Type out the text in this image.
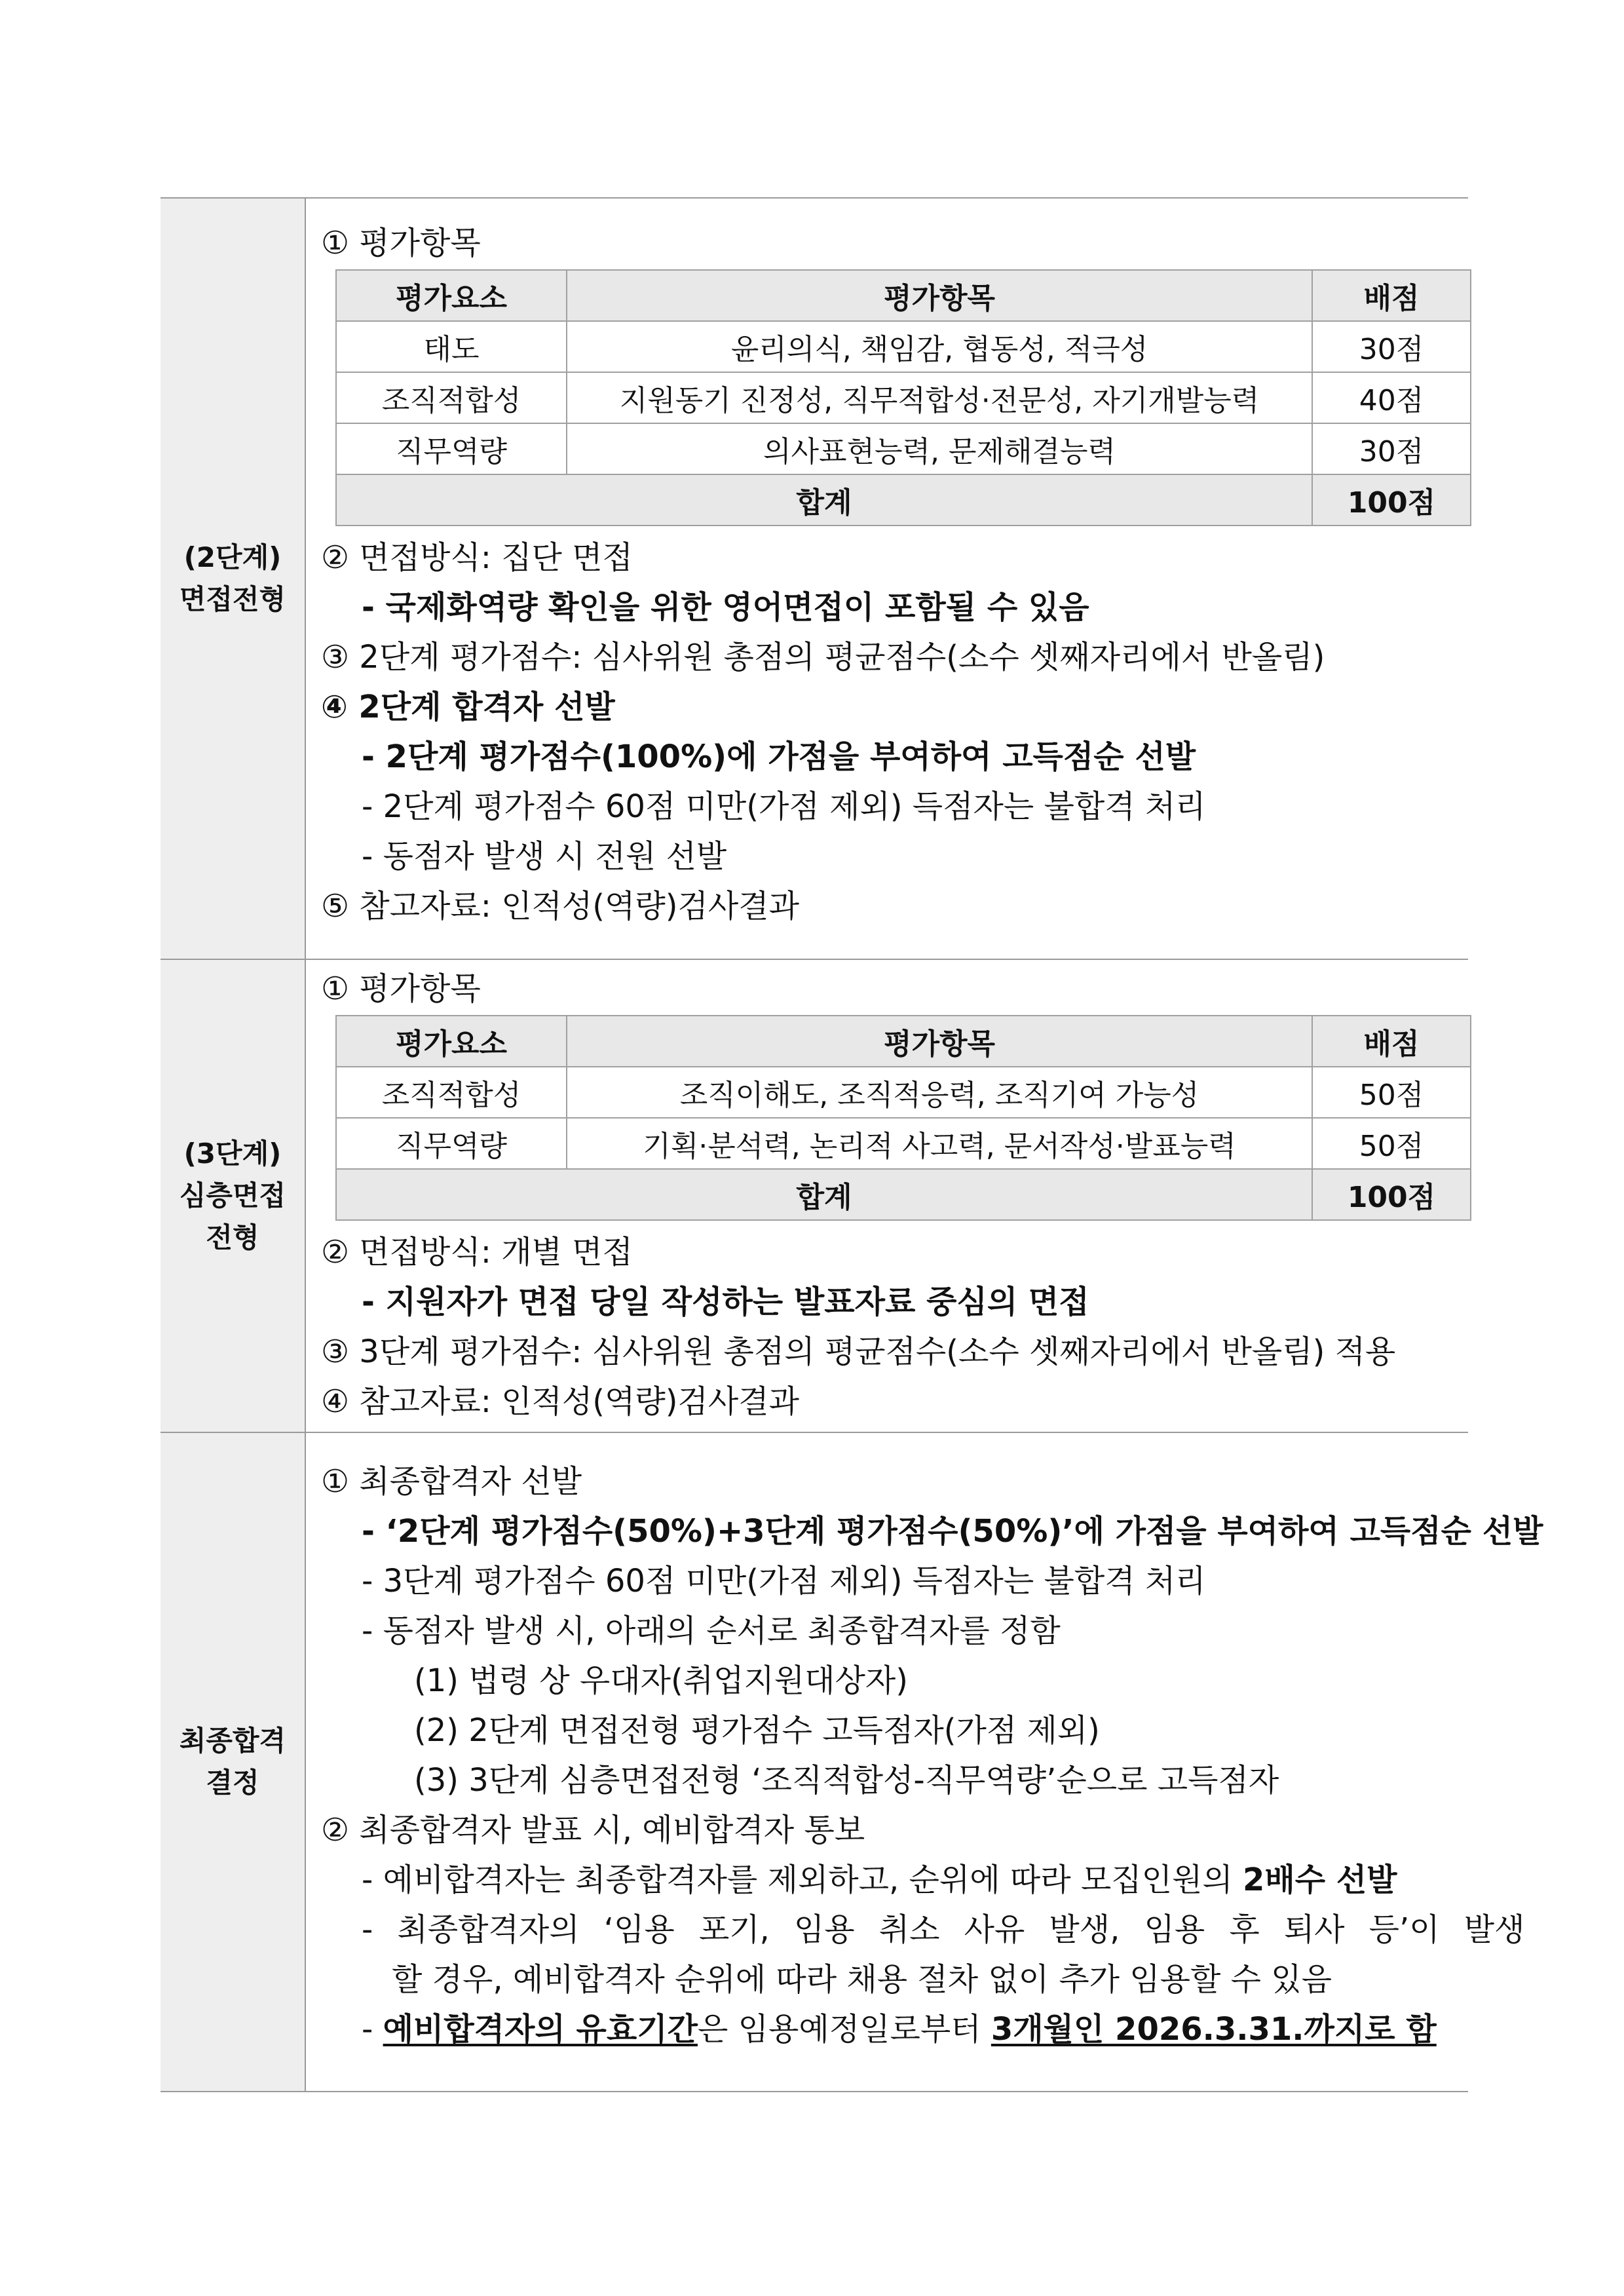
(2단계)
면접전형
① 평가항목
평가요소	평가항목	배점
태도	윤리의식, 책임감, 협동성, 적극성	30점
조직적합성	지원동기 진정성, 직무적합성·전문성, 자기개발능력	40점
직무역량	의사표현능력, 문제해결능력	30점
합계		100점
② 면접방식: 집단 면접
- 국제화역량 확인을 위한 영어면접이 포함될 수 있음
③ 2단계 평가점수: 심사위원 총점의 평균점수(소수 셋째자리에서 반올림)
④ 2단계 합격자 선발
- 2단계 평가점수(100%)에 가점을 부여하여 고득점순 선발
- 2단계 평가점수 60점 미만(가점 제외) 득점자는 불합격 처리
- 동점자 발생 시 전원 선발
⑤ 참고자료: 인적성(역량)검사결과
(3단계)
심층면접
전형
① 평가항목
평가요소	평가항목	배점
조직적합성	조직이해도, 조직적응력, 조직기여 가능성	50점
직무역량	기획·분석력, 논리적 사고력, 문서작성·발표능력	50점
합계		100점
② 면접방식: 개별 면접
- 지원자가 면접 당일 작성하는 발표자료 중심의 면접
③ 3단계 평가점수: 심사위원 총점의 평균점수(소수 셋째자리에서 반올림) 적용
④ 참고자료: 인적성(역량)검사결과
최종합격
결정
① 최종합격자 선발
- ‘2단계 평가점수(50%)+3단계 평가점수(50%)’에 가점을 부여하여 고득점순 선발
- 3단계 평가점수 60점 미만(가점 제외) 득점자는 불합격 처리
- 동점자 발생 시, 아래의 순서로 최종합격자를 정함
(1) 법령 상 우대자(취업지원대상자)
(2) 2단계 면접전형 평가점수 고득점자(가점 제외)
(3) 3단계 심층면접전형 ‘조직적합성-직무역량’순으로 고득점자
② 최종합격자 발표 시, 예비합격자 통보
- 예비합격자는 최종합격자를 제외하고, 순위에 따라 모집인원의 2배수 선발
- 최종합격자의 ‘임용 포기, 임용 취소 사유 발생, 임용 후 퇴사 등’이 발생
할 경우, 예비합격자 순위에 따라 채용 절차 없이 추가 임용할 수 있음
- 예비합격자의 유효기간은 임용예정일로부터 3개월인 2026.3.31.까지로 함
